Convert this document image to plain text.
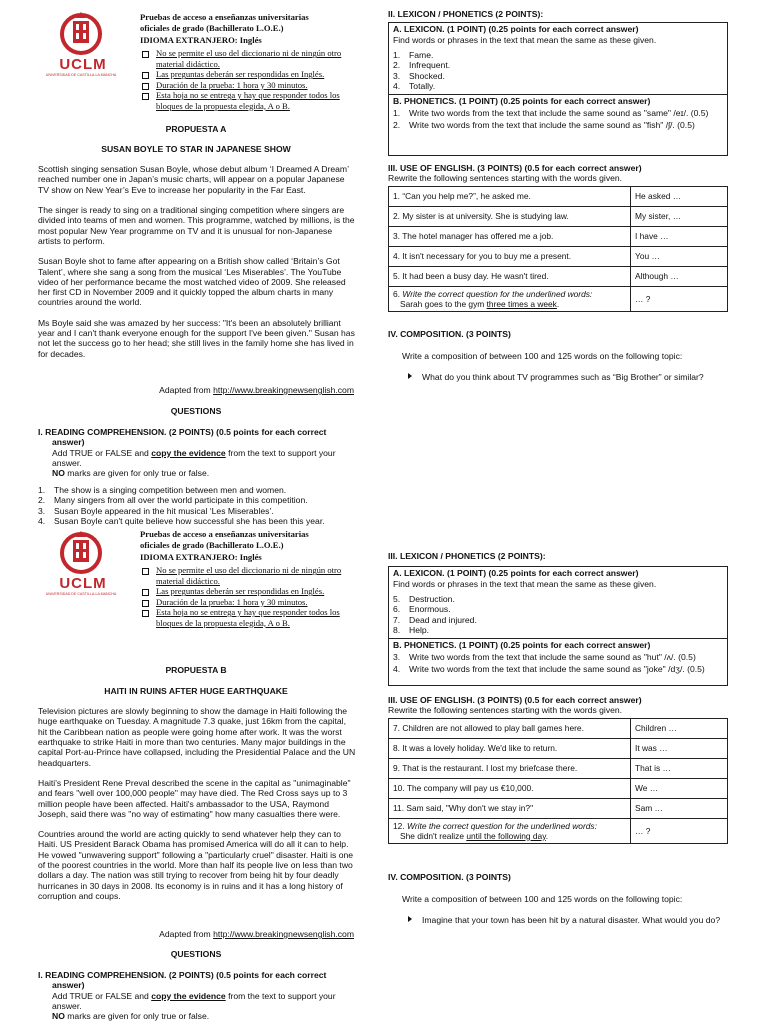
UCLM
UNIVERSIDAD DE CASTILLA-LA MANCHA
Pruebas de acceso a enseñanzas universitarias
oficiales de grado (Bachillerato L.O.E.)
IDIOMA EXTRANJERO: Inglés
No se permite el uso del diccionario ni de ningún otro material didáctico.
Las preguntas deberán ser respondidas en Inglés.
Duración de la prueba: 1 hora y 30 minutos.
Esta hoja no se entrega y hay que responder todos los bloques de la propuesta elegida, A o B.
PROPUESTA A
SUSAN BOYLE TO STAR IN JAPANESE SHOW

Scottish singing sensation Susan Boyle, whose debut album ‘I Dreamed A Dream’ reached number one in Japan’s music charts, will appear on a popular Japanese TV show on New Year’s Eve to increase her popularity in the Far East.

The singer is ready to sing on a traditional singing competition where singers are divided into teams of men and women. This programme, watched by millions, is the most popular New Year programme on TV and it is unusual for non-Japanese artists to perform.

Susan Boyle shot to fame after appearing on a British show called ‘Britain’s Got Talent’, where she sang a song from the musical ‘Les Miserables’. The YouTube video of her performance became the most watched video of 2009. She released her first CD in November 2009 and it quickly topped the album charts in many countries around the world.

Ms Boyle said she was amazed by her success: "It's been an absolutely brilliant year and I can't thank everyone enough for the support I've been given." Susan has not let the success go to her head; she still lives in the family home she has lived in for decades.

Adapted from http://www.breakingnewsenglish.com
QUESTIONS
I. READING COMPREHENSION. (2 POINTS) (0.5 points for each correct answer)
Add TRUE or FALSE and copy the evidence from the text to support your answer.
NO marks are given for only true or false.
1. The show is a singing competition between men and women.
2. Many singers from all over the world participate in this competition.
3. Susan Boyle appeared in the hit musical ‘Les Miserables’.
4. Susan Boyle can't quite believe how successful she has been this year.
II. LEXICON / PHONETICS (2 POINTS):
A. LEXICON. (1 POINT) (0.25 points for each correct answer)
Find words or phrases in the text that mean the same as these given.
1. Fame.
2. Infrequent.
3. Shocked.
4. Totally.
B. PHONETICS. (1 POINT) (0.25 points for each correct answer)
1. Write two words from the text that include the same sound as "same" /eɪ/. (0.5)
2. Write two words from the text that include the same sound as "fish" /ʃ/. (0.5)
III. USE OF ENGLISH. (3 POINTS) (0.5 for each correct answer)
Rewrite the following sentences starting with the words given.
1. “Can you help me?”, he asked me.	He asked …
2. My sister is at university. She is studying law.	My sister, …
3. The hotel manager has offered me a job.	I have …
4. It isn't necessary for you to buy me a present.	You …
5. It had been a busy day. He wasn't tired.	Although …
6. Write the correct question for the underlined words:
Sarah goes to the gym three times a week.	… ?
IV. COMPOSITION. (3 POINTS)
Write a composition of between 100 and 125 words on the following topic:
What do you think about TV programmes such as “Big Brother” or similar?
UCLM
UNIVERSIDAD DE CASTILLA-LA MANCHA
Pruebas de acceso a enseñanzas universitarias
oficiales de grado (Bachillerato L.O.E.)
IDIOMA EXTRANJERO: Inglés
No se permite el uso del diccionario ni de ningún otro material didáctico.
Las preguntas deberán ser respondidas en Inglés.
Duración de la prueba: 1 hora y 30 minutos.
Esta hoja no se entrega y hay que responder todos los bloques de la propuesta elegida, A o B.
PROPUESTA B
HAITI IN RUINS AFTER HUGE EARTHQUAKE

Television pictures are slowly beginning to show the damage in Haiti following the huge earthquake on Tuesday. A magnitude 7.3 quake, just 16km from the capital, hit the Caribbean nation as people were going home after work. It was the worst earthquake to strike Haiti in more than two centuries. Many major buildings in the capital Port-au-Prince have collapsed, including the Presidential Palace and the UN headquarters.

Haiti's President Rene Preval described the scene in the capital as "unimaginable" and fears "well over 100,000 people" may have died. The Red Cross says up to 3 million people have been affected. Haiti's ambassador to the USA, Raymond Joseph, said there was "no way of estimating" how many casualties there were.

Countries around the world are acting quickly to send whatever help they can to Haiti. US President Barack Obama has promised America will do all it can to help. He vowed "unwavering support" following a "particularly cruel" disaster. Haiti is one of the poorest countries in the world. More than half its people live on less than two dollars a day. The nation was still trying to recover from being hit by four deadly hurricanes in 30 days in 2008. Its economy is in ruins and it has a long history of corruption and coups.

Adapted from http://www.breakingnewsenglish.com
QUESTIONS
I. READING COMPREHENSION. (2 POINTS) (0.5 points for each correct answer)
Add TRUE or FALSE and copy the evidence from the text to support your answer.
NO marks are given for only true or false.
III. LEXICON / PHONETICS (2 POINTS):
A. LEXICON. (1 POINT) (0.25 points for each correct answer)
Find words or phrases in the text that mean the same as these given.
5. Destruction.
6. Enormous.
7. Dead and injured.
8. Help.
B. PHONETICS. (1 POINT) (0.25 points for each correct answer)
3. Write two words from the text that include the same sound as "hut" /ʌ/. (0.5)
4. Write two words from the text that include the same sound as "joke" /dʒ/. (0.5)
III. USE OF ENGLISH. (3 POINTS) (0.5 for each correct answer)
Rewrite the following sentences starting with the words given.
7. Children are not allowed to play ball games here.	Children …
8. It was a lovely holiday. We'd like to return.	It was …
9. That is the restaurant. I lost my briefcase there.	That is …
10. The company will pay us €10,000.	We …
11. Sam said, "Why don't we stay in?"	Sam …
12. Write the correct question for the underlined words:
She didn't realize until the following day.	… ?
IV. COMPOSITION. (3 POINTS)
Write a composition of between 100 and 125 words on the following topic:
Imagine that your town has been hit by a natural disaster. What would you do?
